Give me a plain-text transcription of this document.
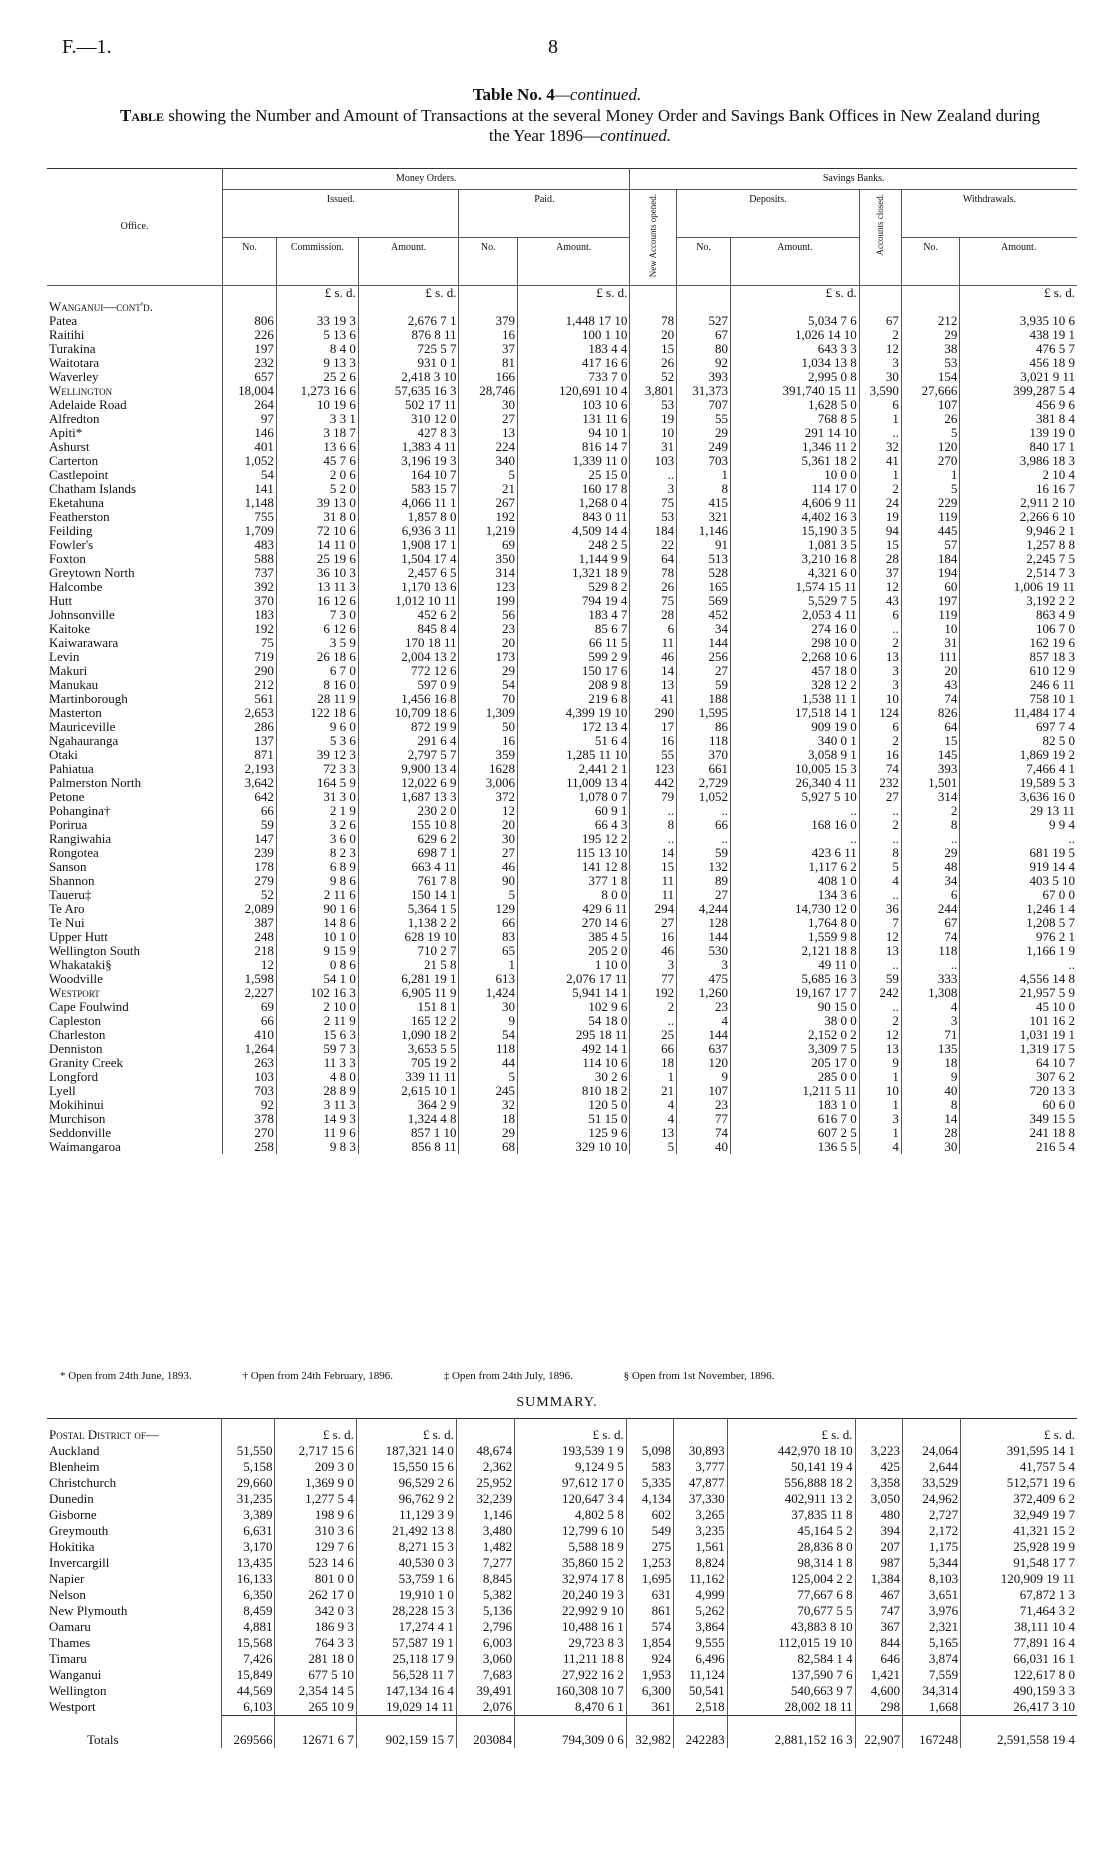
F.—1.	8
Table No. 4—continued.
Table showing the Number and Amount of Transactions at the several Money Order and Savings Bank Offices in New Zealand during the Year 1896—continued.
Office.	Money Orders.					Savings Banks.					
	Issued.			Paid.		New Accounts opened.	Deposits.		Accounts closed.	Withdrawals.	
	No.	Commission.	Amount.	No.	Amount.		No.	Amount.		No.	Amount.
		£ s. d.	£ s. d.		£ s. d.			£ s. d.			£ s. d.
Wanganui—cont'd.											
Patea	806	33 19 3	2,676 7 1	379	1,448 17 10	78	527	5,034 7 6	67	212	3,935 10 6
Raitihi	226	5 13 6	876 8 11	16	100 1 10	20	67	1,026 14 10	2	29	438 19 1
Turakina	197	8 4 0	725 5 7	37	183 4 4	15	80	643 3 3	12	38	476 5 7
Waitotara	232	9 13 3	931 0 1	81	417 16 6	26	92	1,034 13 8	3	53	456 18 9
Waverley	657	25 2 6	2,418 3 10	166	733 7 0	52	393	2,995 0 8	30	154	3,021 9 11
Wellington	18,004	1,273 16 6	57,635 16 3	28,746	120,691 10 4	3,801	31,373	391,740 15 11	3,590	27,666	399,287 5 4
Adelaide Road	264	10 19 6	502 17 11	30	103 10 6	53	707	1,628 5 0	6	107	456 9 6
Alfredton	97	3 3 1	310 12 0	27	131 11 6	19	55	768 8 5	1	26	381 8 4
Apiti*	146	3 18 7	427 8 3	13	94 10 1	10	29	291 14 10	..	5	139 19 0
Ashurst	401	13 6 6	1,383 4 11	224	816 14 7	31	249	1,346 11 2	32	120	840 17 1
Carterton	1,052	45 7 6	3,196 19 3	340	1,339 11 0	103	703	5,361 18 2	41	270	3,986 18 3
Castlepoint	54	2 0 6	164 10 7	5	25 15 0	..	1	10 0 0	1	1	2 10 4
Chatham Islands	141	5 2 0	583 15 7	21	160 17 8	3	8	114 17 0	2	5	16 16 7
Eketahuna	1,148	39 13 0	4,066 11 1	267	1,268 0 4	75	415	4,606 9 11	24	229	2,911 2 10
Featherston	755	31 8 0	1,857 8 0	192	843 0 11	53	321	4,402 16 3	19	119	2,266 6 10
Feilding	1,709	72 10 6	6,936 3 11	1,219	4,509 14 4	184	1,146	15,190 3 5	94	445	9,946 2 1
Fowler's	483	14 11 0	1,908 17 1	69	248 2 5	22	91	1,081 3 5	15	57	1,257 8 8
Foxton	588	25 19 6	1,504 17 4	350	1,144 9 9	64	513	3,210 16 8	28	184	2,245 7 5
Greytown North	737	36 10 3	2,457 6 5	314	1,321 18 9	78	528	4,321 6 0	37	194	2,514 7 3
Halcombe	392	13 11 3	1,170 13 6	123	529 8 2	26	165	1,574 15 11	12	60	1,006 19 11
Hutt	370	16 12 6	1,012 10 11	199	794 19 4	75	569	5,529 7 5	43	197	3,192 2 2
Johnsonville	183	7 3 0	452 6 2	56	183 4 7	28	452	2,053 4 11	6	119	863 4 9
Kaitoke	192	6 12 6	845 8 4	23	85 6 7	6	34	274 16 0	..	10	106 7 0
Kaiwarawara	75	3 5 9	170 18 11	20	66 11 5	11	144	298 10 0	2	31	162 19 6
Levin	719	26 18 6	2,004 13 2	173	599 2 9	46	256	2,268 10 6	13	111	857 18 3
Makuri	290	6 7 0	772 12 6	29	150 17 6	14	27	457 18 0	3	20	610 12 9
Manukau	212	8 16 0	597 0 9	54	208 9 8	13	59	328 12 2	3	43	246 6 11
Martinborough	561	28 11 9	1,456 16 8	70	219 6 8	41	188	1,538 11 1	10	74	758 10 1
Masterton	2,653	122 18 6	10,709 18 6	1,309	4,399 19 10	290	1,595	17,518 14 1	124	826	11,484 17 4
Mauriceville	286	9 6 0	872 19 9	50	172 13 4	17	86	909 19 0	6	64	697 7 4
Ngahauranga	137	5 3 6	291 6 4	16	51 6 4	16	118	340 0 1	2	15	82 5 0
Otaki	871	39 12 3	2,797 5 7	359	1,285 11 10	55	370	3,058 9 1	16	145	1,869 19 2
Pahiatua	2,193	72 3 3	9,900 13 4	1628	2,441 2 1	123	661	10,005 15 3	74	393	7,466 4 1
Palmerston North	3,642	164 5 9	12,022 6 9	3,006	11,009 13 4	442	2,729	26,340 4 11	232	1,501	19,589 5 3
Petone	642	31 3 0	1,687 13 3	372	1,078 0 7	79	1,052	5,927 5 10	27	314	3,636 16 0
Pohangina†	66	2 1 9	230 2 0	12	60 9 1	..	..	..	..	2	29 13 11
Porirua	59	3 2 6	155 10 8	20	66 4 3	8	66	168 16 0	2	8	9 9 4
Rangiwahia	147	3 6 0	629 6 2	30	195 12 2	..	..	..	..	..	..
Rongotea	239	8 2 3	698 7 1	27	115 13 10	14	59	423 6 11	8	29	681 19 5
Sanson	178	6 8 9	663 4 11	46	141 12 8	15	132	1,117 6 2	5	48	919 14 4
Shannon	279	9 8 6	761 7 8	90	377 1 8	11	89	408 1 0	4	34	403 5 10
Taueru‡	52	2 11 6	150 14 1	5	8 0 0	11	27	134 3 6	..	6	67 0 0
Te Aro	2,089	90 1 6	5,364 1 5	129	429 6 11	294	4,244	14,730 12 0	36	244	1,246 1 4
Te Nui	387	14 8 6	1,138 2 2	66	270 14 6	27	128	1,764 8 0	7	67	1,208 5 7
Upper Hutt	248	10 1 0	628 19 10	83	385 4 5	16	144	1,559 9 8	12	74	976 2 1
Wellington South	218	9 15 9	710 2 7	65	205 2 0	46	530	2,121 18 8	13	118	1,166 1 9
Whakataki§	12	0 8 6	21 5 8	1	1 10 0	3	3	49 11 0	..	..	..
Woodville	1,598	54 1 0	6,281 19 1	613	2,076 17 11	77	475	5,685 16 3	59	333	4,556 14 8
Westport	2,227	102 16 3	6,905 11 9	1,424	5,941 14 1	192	1,260	19,167 17 7	242	1,308	21,957 5 9
Cape Foulwind	69	2 10 0	151 8 1	30	102 9 6	2	23	90 15 0	..	4	45 10 0
Capleston	66	2 11 9	165 12 2	9	54 18 0	..	4	38 0 0	2	3	101 16 2
Charleston	410	15 6 3	1,090 18 2	54	295 18 11	25	144	2,152 0 2	12	71	1,031 19 1
Denniston	1,264	59 7 3	3,653 5 5	118	492 14 1	66	637	3,309 7 5	13	135	1,319 17 5
Granity Creek	263	11 3 3	705 19 2	44	114 10 6	18	120	205 17 0	9	18	64 10 7
Longford	103	4 8 0	339 11 11	5	30 2 6	1	9	285 0 0	1	9	307 6 2
Lyell	703	28 8 9	2,615 10 1	245	810 18 2	21	107	1,211 5 11	10	40	720 13 3
Mokihinui	92	3 11 3	364 2 9	32	120 5 0	4	23	183 1 0	1	8	60 6 0
Murchison	378	14 9 3	1,324 4 8	18	51 15 0	4	77	616 7 0	3	14	349 15 5
Seddonville	270	11 9 6	857 1 10	29	125 9 6	13	74	607 2 5	1	28	241 18 8
Waimangaroa	258	9 8 3	856 8 11	68	329 10 10	5	40	136 5 5	4	30	216 5 4
* Open from 24th June, 1893.	† Open from 24th February, 1896.	‡ Open from 24th July, 1896.	§ Open from 1st November, 1896.
SUMMARY.
Postal District of—		£ s. d.	£ s. d.		£ s. d.			£ s. d.			£ s. d.
Auckland	51,550	2,717 15 6	187,321 14 0	48,674	193,539 1 9	5,098	30,893	442,970 18 10	3,223	24,064	391,595 14 1
Blenheim	5,158	209 3 0	15,550 15 6	2,362	9,124 9 5	583	3,777	50,141 19 4	425	2,644	41,757 5 4
Christchurch	29,660	1,369 9 0	96,529 2 6	25,952	97,612 17 0	5,335	47,877	556,888 18 2	3,358	33,529	512,571 19 6
Dunedin	31,235	1,277 5 4	96,762 9 2	32,239	120,647 3 4	4,134	37,330	402,911 13 2	3,050	24,962	372,409 6 2
Gisborne	3,389	198 9 6	11,129 3 9	1,146	4,802 5 8	602	3,265	37,835 11 8	480	2,727	32,949 19 7
Greymouth	6,631	310 3 6	21,492 13 8	3,480	12,799 6 10	549	3,235	45,164 5 2	394	2,172	41,321 15 2
Hokitika	3,170	129 7 6	8,271 15 3	1,482	5,588 18 9	275	1,561	28,836 8 0	207	1,175	25,928 19 9
Invercargill	13,435	523 14 6	40,530 0 3	7,277	35,860 15 2	1,253	8,824	98,314 1 8	987	5,344	91,548 17 7
Napier	16,133	801 0 0	53,759 1 6	8,845	32,974 17 8	1,695	11,162	125,004 2 2	1,384	8,103	120,909 19 11
Nelson	6,350	262 17 0	19,910 1 0	5,382	20,240 19 3	631	4,999	77,667 6 8	467	3,651	67,872 1 3
New Plymouth	8,459	342 0 3	28,228 15 3	5,136	22,992 9 10	861	5,262	70,677 5 5	747	3,976	71,464 3 2
Oamaru	4,881	186 9 3	17,274 4 1	2,796	10,488 16 1	574	3,864	43,883 8 10	367	2,321	38,111 10 4
Thames	15,568	764 3 3	57,587 19 1	6,003	29,723 8 3	1,854	9,555	112,015 19 10	844	5,165	77,891 16 4
Timaru	7,426	281 18 0	25,118 17 9	3,060	11,211 18 8	924	6,496	82,584 1 4	646	3,874	66,031 16 1
Wanganui	15,849	677 5 10	56,528 11 7	7,683	27,922 16 2	1,953	11,124	137,590 7 6	1,421	7,559	122,617 8 0
Wellington	44,569	2,354 14 5	147,134 16 4	39,491	160,308 10 7	6,300	50,541	540,663 9 7	4,600	34,314	490,159 3 3
Westport	6,103	265 10 9	19,029 14 11	2,076	8,470 6 1	361	2,518	28,002 18 11	298	1,668	26,417 3 10
Totals	269566	12671 6 7	902,159 15 7	203084	794,309 0 6	32,982	242283	2,881,152 16 3	22,907	167248	2,591,558 19 4
